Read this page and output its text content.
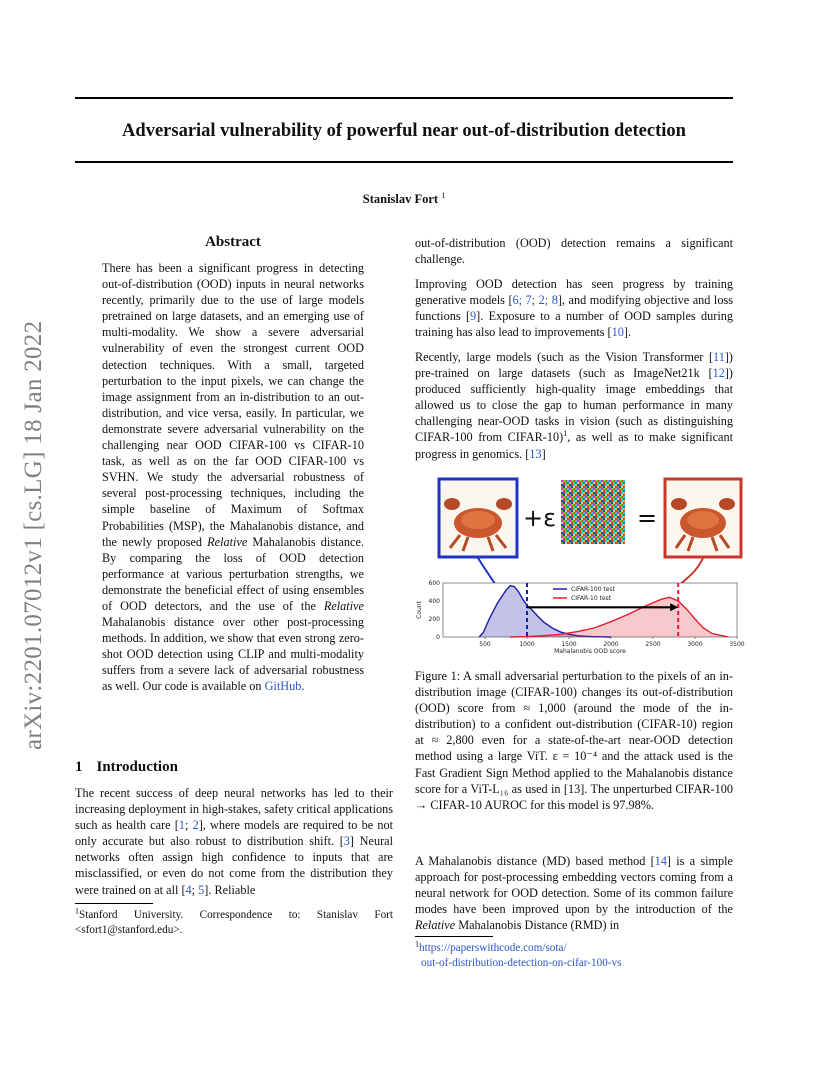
arXiv:2201.07012v1 [cs.LG] 18 Jan 2022
Adversarial vulnerability of powerful near out-of-distribution detection
Stanislav Fort $^1$
Abstract
There has been a significant progress in detecting out-of-distribution (OOD) inputs in neural networks recently, primarily due to the use of large models pretrained on large datasets, and an emerging use of multi-modality. We show a severe adversarial vulnerability of even the strongest current OOD detection techniques. With a small, targeted perturbation to the input pixels, we can change the image assignment from an in-distribution to an out-distribution, and vice versa, easily. In particular, we demonstrate severe adversarial vulnerability on the challenging near OOD CIFAR-100 vs CIFAR-10 task, as well as on the far OOD CIFAR-100 vs SVHN. We study the adversarial robustness of several post-processing techniques, including the simple baseline of Maximum of Softmax Probabilities (MSP), the Mahalanobis distance, and the newly proposed Relative Mahalanobis distance. By comparing the loss of OOD detection performance at various perturbation strengths, we demonstrate the beneficial effect of using ensembles of OOD detectors, and the use of the Relative Mahalanobis distance over other post-processing methods. In addition, we show that even strong zero-shot OOD detection using CLIP and multi-modality suffers from a severe lack of adversarial robustness as well. Our code is available on GitHub.
1 Introduction
The recent success of deep neural networks has led to their increasing deployment in high-stakes, safety critical applications such as health care [1; 2], where models are required to be not only accurate but also robust to distribution shift. [3] Neural networks often assign high confidence to inputs that are misclassified, or even do not come from the distribution they were trained on at all [4; 5]. Reliable
$^1$Stanford University. Correspondence to: Stanislav Fort <sfort1@stanford.edu>.
out-of-distribution (OOD) detection remains a significant challenge.
Improving OOD detection has seen progress by training generative models [6; 7; 2; 8], and modifying objective and loss functions [9]. Exposure to a number of OOD samples during training has also lead to improvements [10].
Recently, large models (such as the Vision Transformer [11]) pre-trained on large datasets (such as ImageNet21k [12]) produced sufficiently high-quality image embeddings that allowed us to close the gap to human performance in many challenging near-OOD tasks in vision (such as distinguishing CIFAR-100 from CIFAR-10)$^1$, as well as to make significant progress in genomics. [13]
+ε	=
500	1000	1500	2000	2500	3000	3500
0
200
400
600
Mahalanobis OOD score
Count
CIFAR-100 test
CIFAR-10 test
Figure 1: A small adversarial perturbation to the pixels of an in-distribution image (CIFAR-100) changes its out-of-distribution (OOD) score from ≈ 1,000 (around the mode of the in-distribution) to a confident out-distribution (CIFAR-10) region at ≈ 2,800 even for a state-of-the-art near-OOD detection method using a large ViT. ε = 10⁻⁴ and the attack used is the Fast Gradient Sign Method applied to the Mahalanobis distance score for a ViT-L₁₆ as used in [13]. The unperturbed CIFAR-100 → CIFAR-10 AUROC for this model is 97.98%.
A Mahalanobis distance (MD) based method [14] is a simple approach for post-processing embedding vectors coming from a neural network for OOD detection. Some of its common failure modes have been improved upon by the introduction of the Relative Mahalanobis Distance (RMD) in
$^1$https://paperswithcode.com/sota/
out-of-distribution-detection-on-cifar-100-vs
